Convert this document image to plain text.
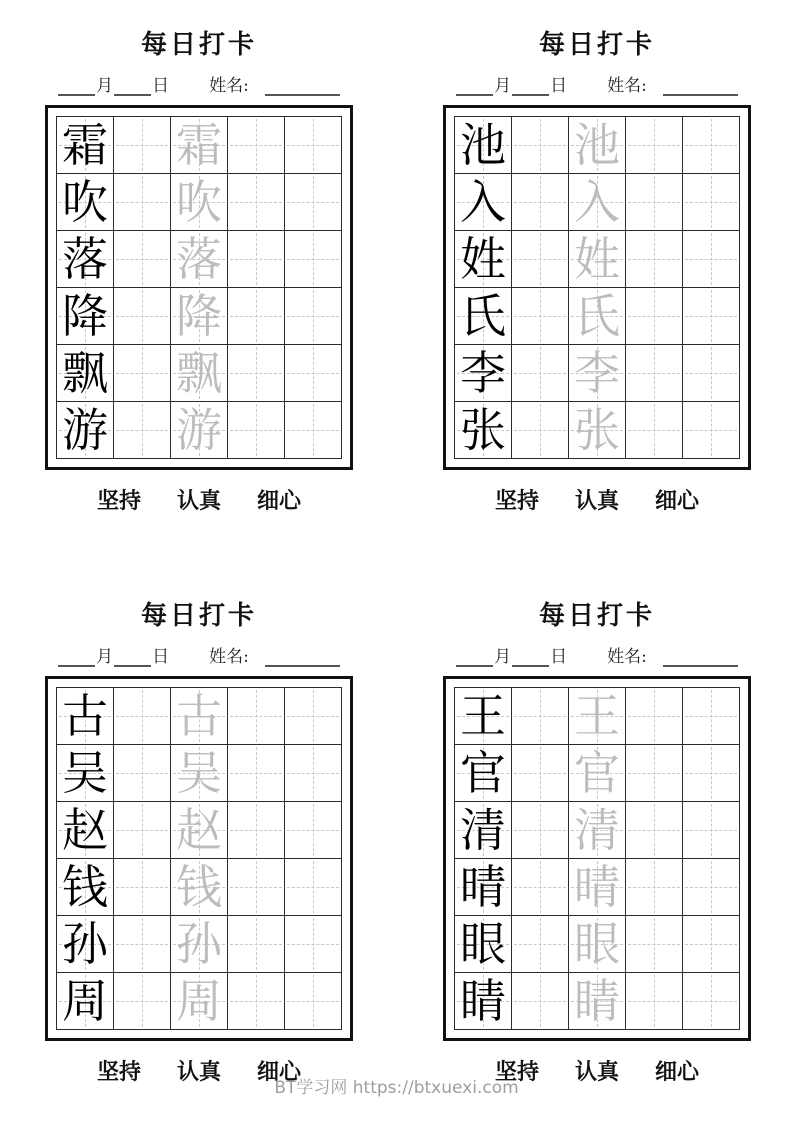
每日打卡
月 日 姓名:
霜 霜
吹 吹
落 落
降 降
飘 飘
游 游
坚持 认真 细心
每日打卡
月 日 姓名:
池 池
入 入
姓 姓
氏 氏
李 李
张 张
坚持 认真 细心
每日打卡
月 日 姓名:
古 古
吴 吴
赵 赵
钱 钱
孙 孙
周 周
坚持 认真 细心
每日打卡
月 日 姓名:
王 王
官 官
清 清
晴 晴
眼 眼
睛 睛
坚持 认真 细心
BT学习网 https://btxuexi.com
